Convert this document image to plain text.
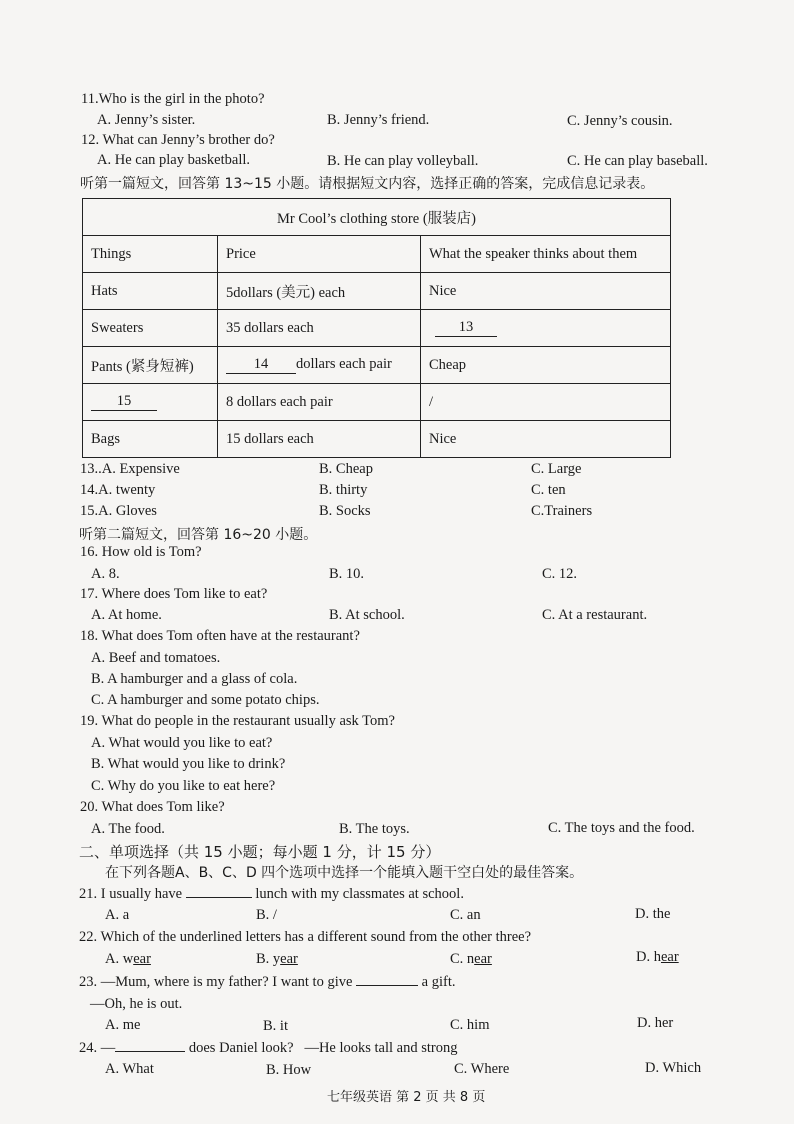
11.Who is the girl in the photo?
A. Jenny’s sister.	B. Jenny’s friend.	C. Jenny’s cousin.
12. What can Jenny’s brother do?
A. He can play basketball.	B. He can play volleyball.	C. He can play baseball.
听第一篇短文，回答第 13~15 小题。请根据短文内容，选择正确的答案，完成信息记录表。
Mr Cool’s clothing store (服装店)		
Things	Price	What the speaker thinks about them
Hats	5dollars (美元) each	Nice
Sweaters	35 dollars each	13
Pants (紧身短裤)	14 dollars each pair	Cheap
15	8 dollars each pair	/
Bags	15 dollars each	Nice
13..A. Expensive	B. Cheap	C. Large
14.A. twenty	B. thirty	C. ten
15.A. Gloves	B. Socks	C.Trainers
听第二篇短文，回答第 16~20 小题。
16. How old is Tom?
A. 8.	B. 10.	C. 12.
17. Where does Tom like to eat?
A. At home.	B. At school.	C. At a restaurant.
18. What does Tom often have at the restaurant?
A. Beef and tomatoes.
B. A hamburger and a glass of cola.
C. A hamburger and some potato chips.
19. What do people in the restaurant usually ask Tom?
A. What would you like to eat?
B. What would you like to drink?
C. Why do you like to eat here?
20. What does Tom like?
A. The food.	B. The toys.	C. The toys and the food.
二、单项选择（共 15 小题；每小题 1 分，计 15 分）
在下列各题A、B、C、D 四个选项中选择一个能填入题干空白处的最佳答案。
21. I usually have	lunch with my classmates at school.
A. a	B. /	C. an	D. the
22. Which of the underlined letters has a different sound from the other three?
A. wear	B. year	C. near	D. hear
23. —Mum, where is my father? I want to give	a gift.
—Oh, he is out.
A. me	B. it	C. him	D. her
24. —	does Daniel look? —He looks tall and strong
A. What	B. How	C. Where	D. Which
七年级英语 第 2 页 共 8 页
